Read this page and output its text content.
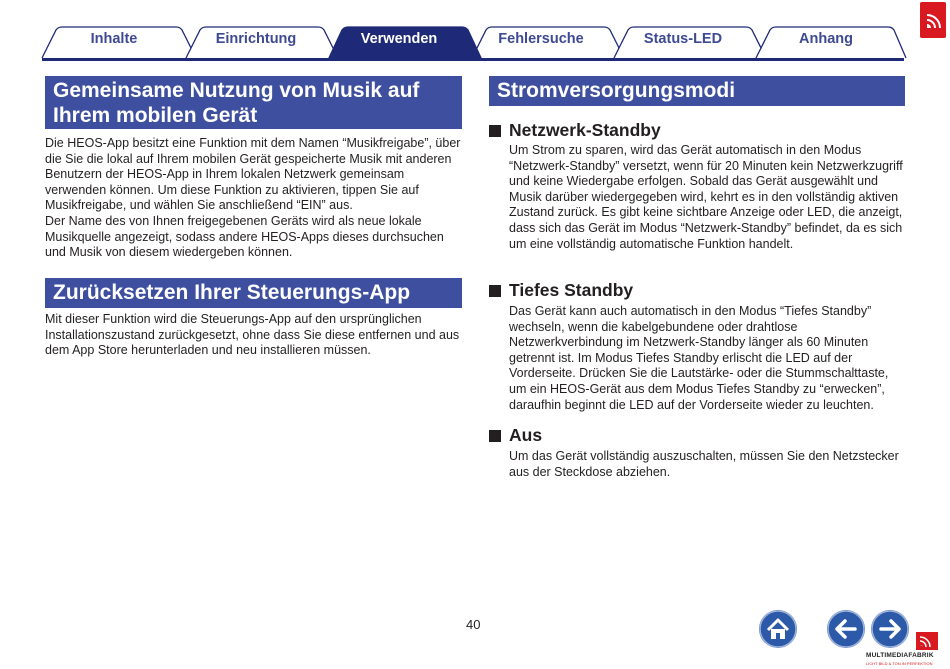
Inhalte	Einrichtung	Verwenden	Fehlersuche	Status-LED	Anhang
Gemeinsame Nutzung von Musik auf Ihrem mobilen Gerät

Die HEOS-App besitzt eine Funktion mit dem Namen “Musikfreigabe”, über die Sie die lokal auf Ihrem mobilen Gerät gespeicherte Musik mit anderen Benutzern der HEOS-App in Ihrem lokalen Netzwerk gemeinsam verwenden können. Um diese Funktion zu aktivieren, tippen Sie auf Musikfreigabe, und wählen Sie anschließend “EIN” aus.

Der Name des von Ihnen freigegebenen Geräts wird als neue lokale Musikquelle angezeigt, sodass andere HEOS-Apps dieses durchsuchen und Musik von diesem wiedergeben können.

Zurücksetzen Ihrer Steuerungs-App

Mit dieser Funktion wird die Steuerungs-App auf den ursprünglichen Installationszustand zurückgesetzt, ohne dass Sie diese entfernen und aus dem App Store herunterladen und neu installieren müssen.

Stromversorgungsmodi
Netzwerk-Standby

Um Strom zu sparen, wird das Gerät automatisch in den Modus “Netzwerk-Standby” versetzt, wenn für 20 Minuten kein Netzwerkzugriff und keine Wiedergabe erfolgen. Sobald das Gerät ausgewählt und Musik darüber wiedergegeben wird, kehrt es in den vollständig aktiven Zustand zurück. Es gibt keine sichtbare Anzeige oder LED, die anzeigt, dass sich das Gerät im Modus “Netzwerk-Standby” befindet, da es sich um eine vollständig automatische Funktion handelt.

Tiefes Standby

Das Gerät kann auch automatisch in den Modus “Tiefes Standby” wechseln, wenn die kabelgebundene oder drahtlose Netzwerkverbindung im Netzwerk-Standby länger als 60 Minuten getrennt ist. Im Modus Tiefes Standby erlischt die LED auf der Vorderseite. Drücken Sie die Lautstärke- oder die Stummschalttaste, um ein HEOS-Gerät aus dem Modus Tiefes Standby zu “erwecken”, daraufhin beginnt die LED auf der Vorderseite wieder zu leuchten.

Aus

Um das Gerät vollständig auszuschalten, müssen Sie den Netzstecker aus der Steckdose abziehen.

40
MULTIMEDIAFABRIK
LICHT BILD & TON IN PERFEKTION
